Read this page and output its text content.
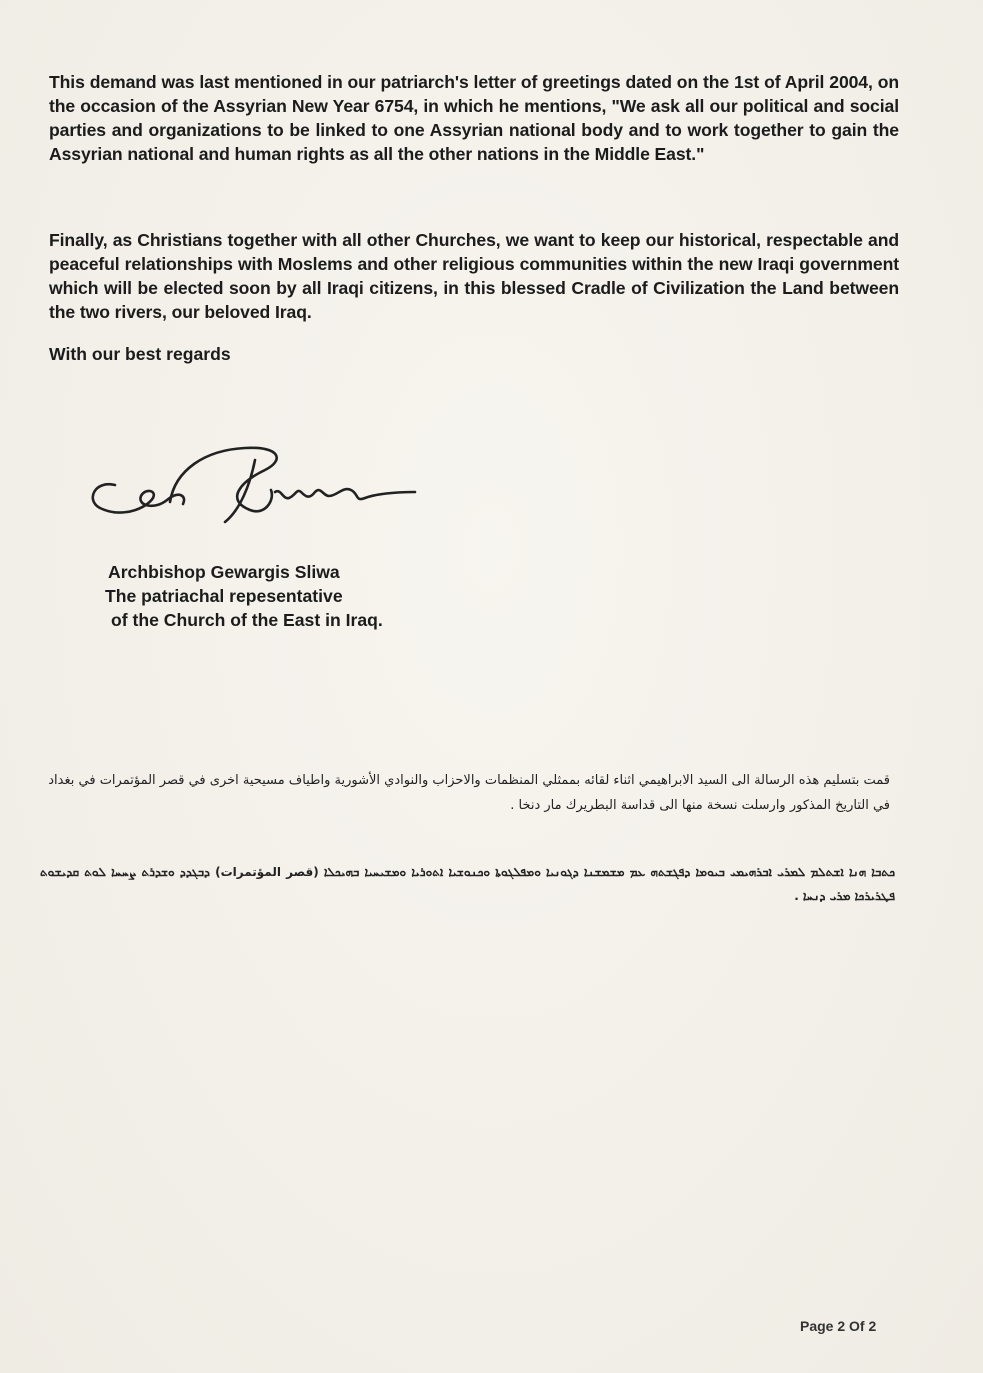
This demand was last mentioned in our patriarch's letter of greetings dated on the 1st of April 2004, on the occasion of the Assyrian New Year 6754, in which he mentions, "We ask all our political and social parties and organizations to be linked to one Assyrian national body and to work together to gain the Assyrian national and human rights as all the other nations in the Middle East."

Finally, as Christians together with all other Churches, we want to keep our historical, respectable and peaceful relationships with Moslems and other religious communities within the new Iraqi government which will be elected soon by all Iraqi citizens, in this blessed Cradle of Civilization the Land between the two rivers, our beloved Iraq.

With our best regards
Archbishop Gewargis Sliwa
The patriachal repesentative
of the Church of the East in Iraq.
قمت بتسليم هذه الرسالة الى السيد الابراهيمي اثناء لقائه بممثلي المنظمات والاحزاب والنوادي الأشورية واطياف مسيحية اخرى في قصر المؤتمرات في بغداد في التاريخ المذكور وارسلت نسخة منها الى قداسة البطريرك مار دنخا .
ܟܬܒܐ ܗܢܐ ܐܫܬܠܡ ܠܡܪܝ ܐܒܪܗܝܡܝ ܒܝܘܡܐ ܕܦܓܫܬܗ ܥܡ ܡܫܡܫܢܐ ܕܓܘܢܝܐ ܘܡܦܠܓܘܬܐ ܘܟܢܘܫܝܐ ܐܬܘܪܝܐ ܘܡܫܝܚܝܐ ܒܗܝܟܠܐ (قصر المؤتمرات) ܕܒܓܕܕ ܘܫܕܪܬ ܨܚܚܐ ܠܘܬ ܩܕܝܫܘܬ ܦܛܪܝܪܟܐ ܡܪܝ ܕܢܚܐ .
Page 2 Of 2
